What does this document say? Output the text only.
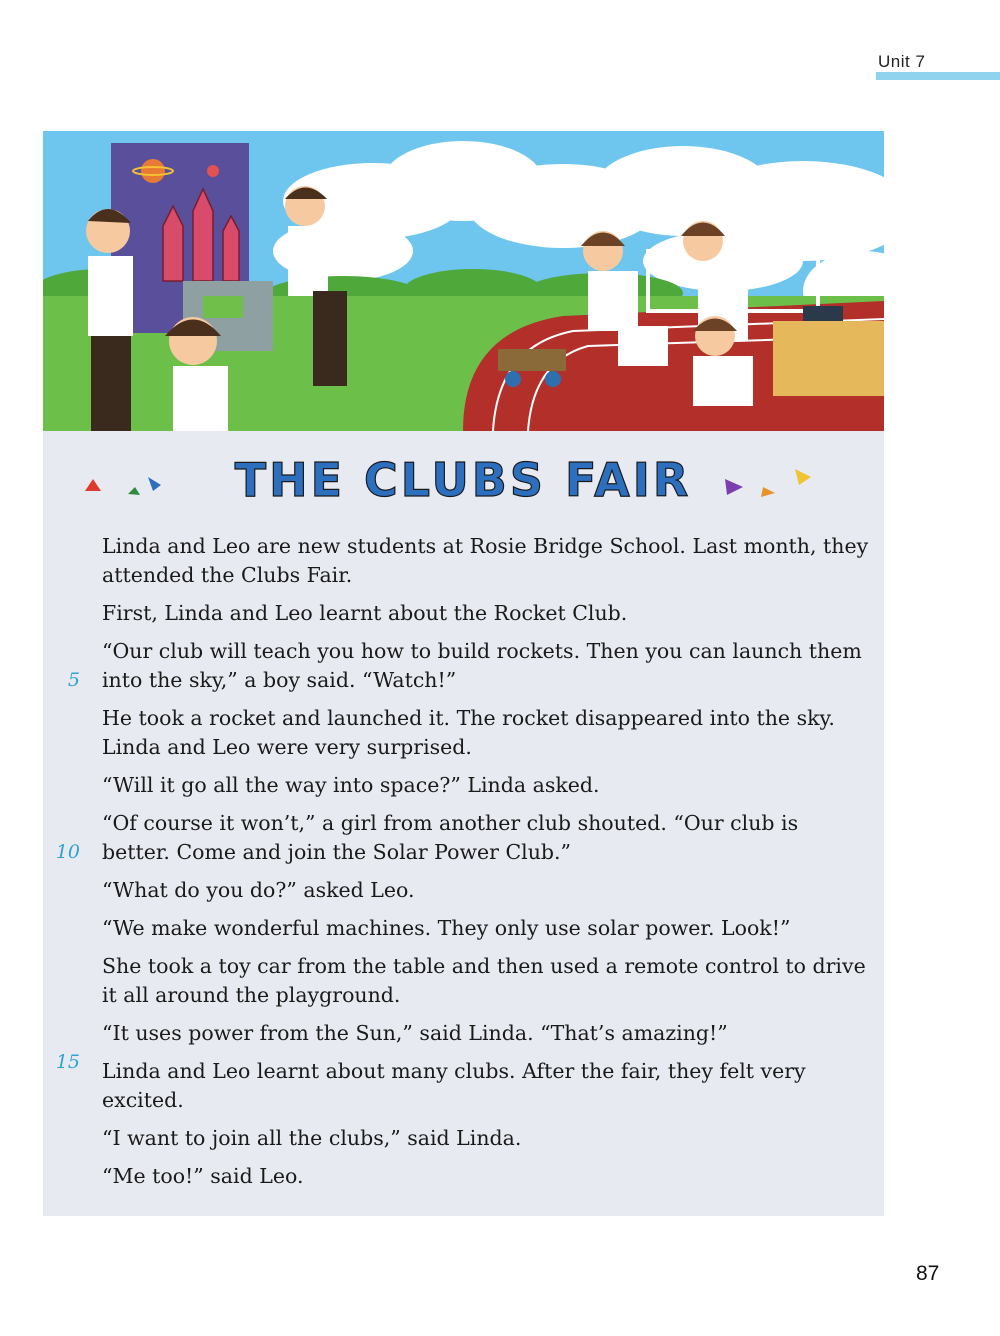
Unit 7
THE CLUBS FAIR

Linda and Leo are new students at Rosie Bridge School. Last month, they attended the Clubs Fair.

First, Linda and Leo learnt about the Rocket Club.

“Our club will teach you how to build rockets. Then you can launch them into the sky,” a boy said. “Watch!”
5

He took a rocket and launched it. The rocket disappeared into the sky. Linda and Leo were very surprised.

“Will it go all the way into space?” Linda asked.

“Of course it won’t,” a girl from another club shouted. “Our club is better. Come and join the Solar Power Club.”
10

“What do you do?” asked Leo.

“We make wonderful machines. They only use solar power. Look!”

She took a toy car from the table and then used a remote control to drive it all around the playground.

“It uses power from the Sun,” said Linda. “That’s amazing!”
15 Linda and Leo learnt about many clubs. After the fair, they felt very excited.

“I want to join all the clubs,” said Linda.

“Me too!” said Leo.

87
